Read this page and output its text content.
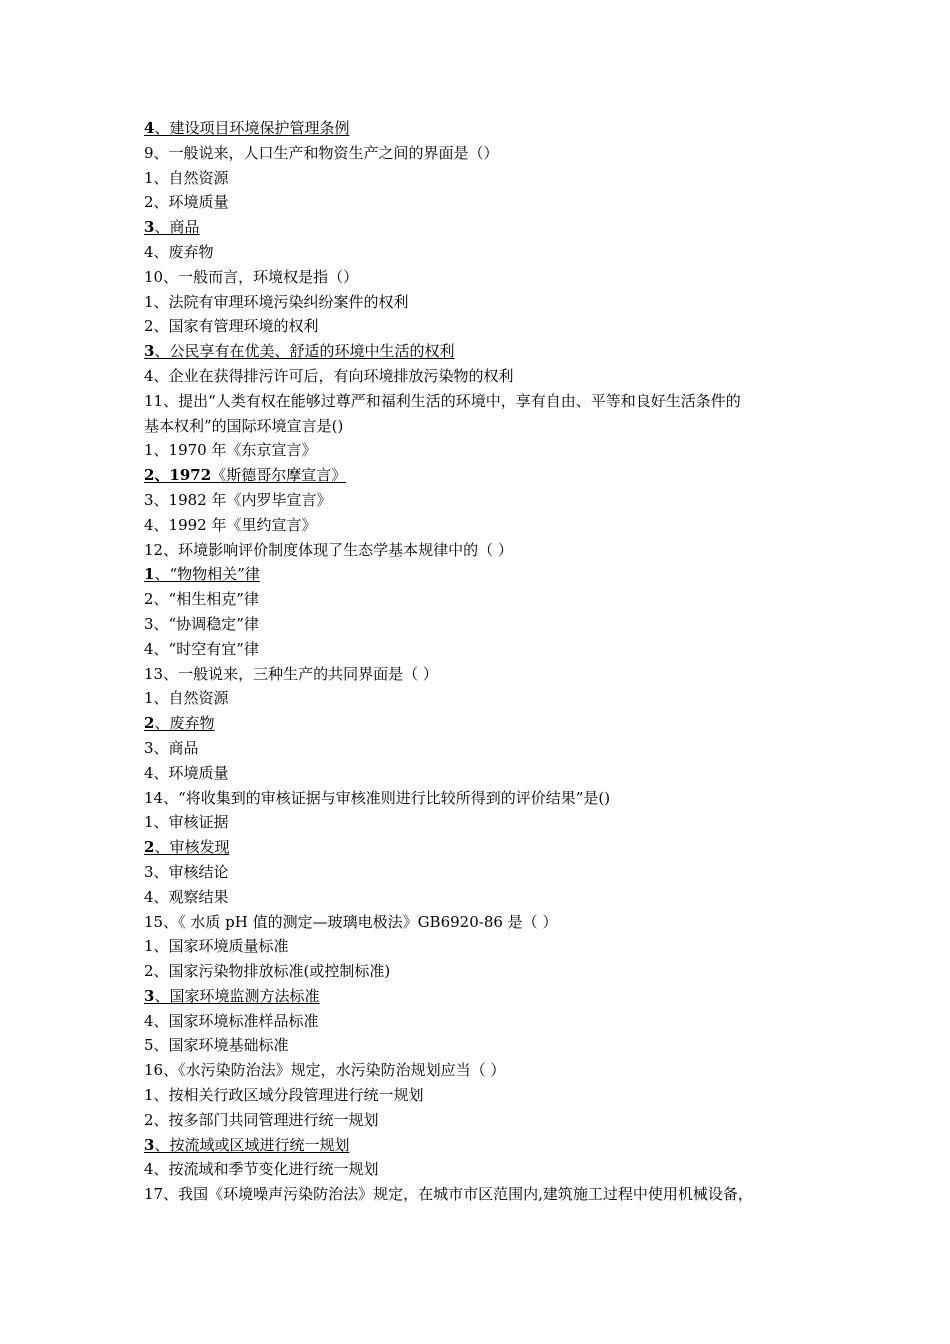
4、建设项目环境保护管理条例
9、一般说来，人口生产和物资生产之间的界面是（）
1、自然资源
2、环境质量
3、商品
4、废弃物
10、一般而言，环境权是指（）
1、法院有审理环境污染纠纷案件的权利
2、国家有管理环境的权利
3、公民享有在优美、舒适的环境中生活的权利
4、企业在获得排污许可后，有向环境排放污染物的权利
11、提出“人类有权在能够过尊严和福利生活的环境中，享有自由、平等和良好生活条件的
基本权利”的国际环境宣言是()
1、1970 年《东京宣言》
2、1972《斯德哥尔摩宣言》
3、1982 年《内罗毕宣言》
4、1992 年《里约宣言》
12、环境影响评价制度体现了生态学基本规律中的（ ）
1、“物物相关”律
2、“相生相克”律
3、“协调稳定”律
4、“时空有宜”律
13、一般说来，三种生产的共同界面是（ ）
1、自然资源
2、废弃物
3、商品
4、环境质量
14、“将收集到的审核证据与审核准则进行比较所得到的评价结果”是()
1、审核证据
2、审核发现
3、审核结论
4、观察结果
15、《 水质 pH 值的测定—玻璃电极法》GB6920-86 是（ ）
1、国家环境质量标准
2、国家污染物排放标准(或控制标准)
3、国家环境监测方法标准
4、国家环境标准样品标准
5、国家环境基础标准
16、《水污染防治法》规定，水污染防治规划应当（ ）
1、按相关行政区域分段管理进行统一规划
2、按多部门共同管理进行统一规划
3、按流域或区域进行统一规划
4、按流域和季节变化进行统一规划
17、我国《环境噪声污染防治法》规定，在城市市区范围内,建筑施工过程中使用机械设备，
